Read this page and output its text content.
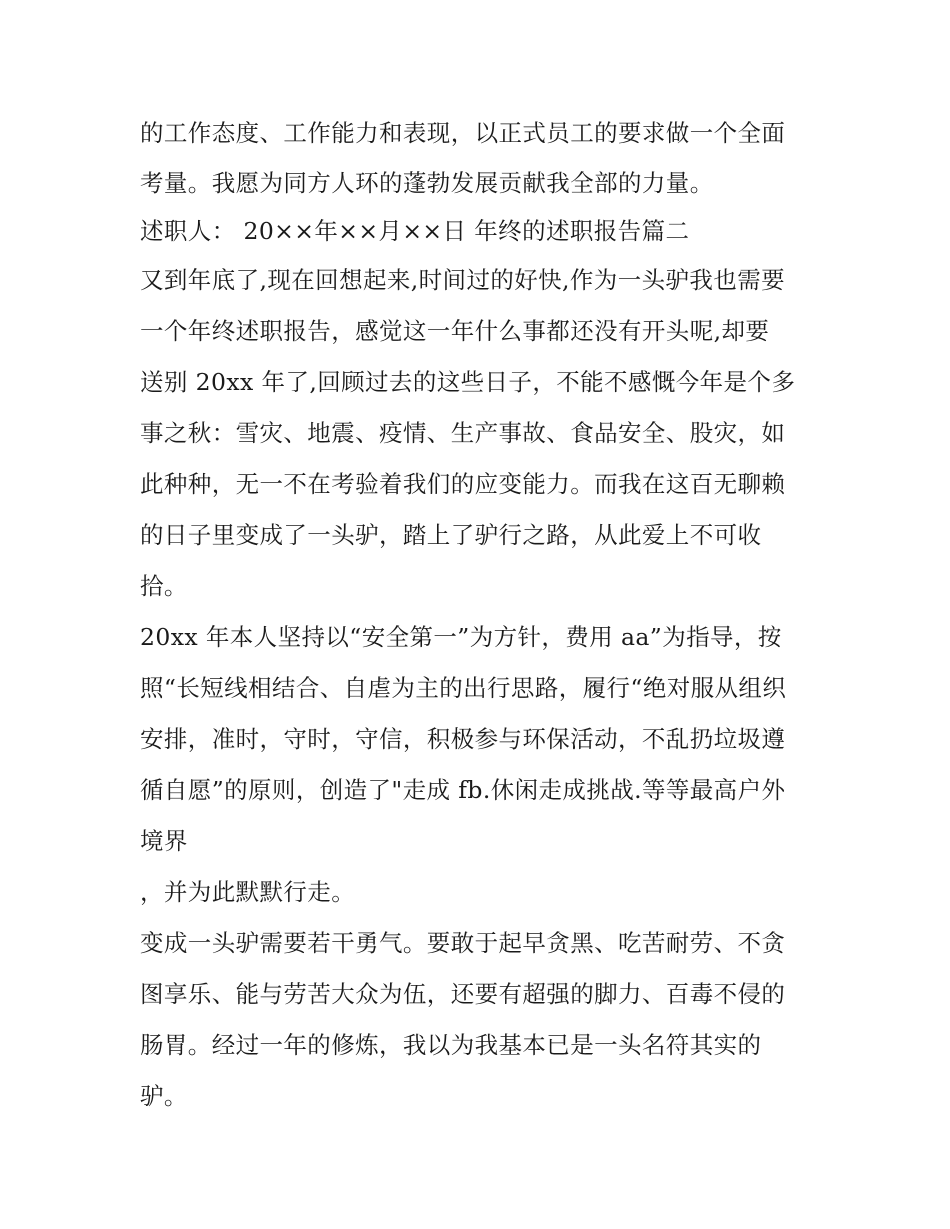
的工作态度、工作能力和表现，以正式员工的要求做一个全面
考量。我愿为同方人环的蓬勃发展贡献我全部的力量。
述职人： 20××年××月××日 年终的述职报告篇二
又到年底了,现在回想起来,时间过的好快,作为一头驴我也需要
一个年终述职报告，感觉这一年什么事都还没有开头呢,却要
送别 20xx 年了,回顾过去的这些日子，不能不感慨今年是个多
事之秋：雪灾、地震、疫情、生产事故、食品安全、股灾，如
此种种，无一不在考验着我们的应变能力。而我在这百无聊赖
的日子里变成了一头驴，踏上了驴行之路，从此爱上不可收
拾。
20xx 年本人坚持以“安全第一”为方针，费用 aa”为指导，按
照“长短线相结合、自虐为主的出行思路，履行“绝对服从组织
安排，准时，守时，守信，积极参与环保活动，不乱扔垃圾遵
循自愿”的原则，创造了"走成 fb.休闲走成挑战.等等最高户外
境界
，并为此默默行走。
变成一头驴需要若干勇气。要敢于起早贪黑、吃苦耐劳、不贪
图享乐、能与劳苦大众为伍，还要有超强的脚力、百毒不侵的
肠胃。经过一年的修炼，我以为我基本已是一头名符其实的
驴。
